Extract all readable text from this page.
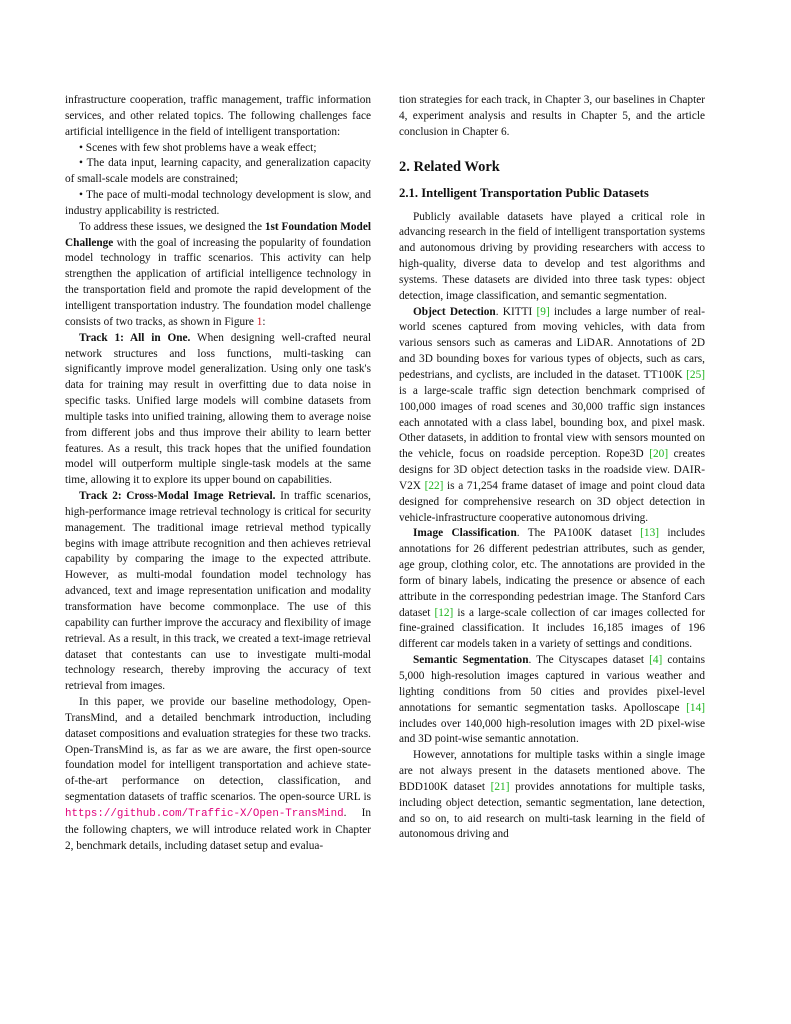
infrastructure cooperation, traffic management, traffic information services, and other related topics. The following challenges face artificial intelligence in the field of intelligent transportation:

• Scenes with few shot problems have a weak effect;

• The data input, learning capacity, and generalization capacity of small-scale models are constrained;

• The pace of multi-modal technology development is slow, and industry applicability is restricted.

To address these issues, we designed the 1st Foundation Model Challenge with the goal of increasing the popularity of foundation model technology in traffic scenarios. This activity can help strengthen the application of artificial intelligence technology in the transportation field and promote the rapid development of the intelligent transportation industry. The foundation model challenge consists of two tracks, as shown in Figure 1:

Track 1: All in One. When designing well-crafted neural network structures and loss functions, multi-tasking can significantly improve model generalization. Using only one task's data for training may result in overfitting due to data noise in specific tasks. Unified large models will combine datasets from multiple tasks into unified training, allowing them to average noise from different jobs and thus improve their ability to learn better features. As a result, this track hopes that the unified foundation model will outperform multiple single-task models at the same time, allowing it to explore its upper bound on capabilities.

Track 2: Cross-Modal Image Retrieval. In traffic scenarios, high-performance image retrieval technology is critical for security management. The traditional image retrieval method typically begins with image attribute recognition and then achieves retrieval capability by comparing the image to the expected attribute. However, as multi-modal foundation model technology has advanced, text and image representation unification and modality transformation have become commonplace. The use of this capability can further improve the accuracy and flexibility of image retrieval. As a result, in this track, we created a text-image retrieval dataset that contestants can use to investigate multi-modal technology research, thereby improving the accuracy of text retrieval from images.

In this paper, we provide our baseline methodology, Open-TransMind, and a detailed benchmark introduction, including dataset compositions and evaluation strategies for these two tracks. Open-TransMind is, as far as we are aware, the first open-source foundation model for intelligent transportation and achieve state-of-the-art performance on detection, classification, and segmentation datasets of traffic scenarios. The open-source URL is https://github.com/Traffic-X/Open-TransMind. In the following chapters, we will introduce related work in Chapter 2, benchmark details, including dataset setup and evalua-

tion strategies for each track, in Chapter 3, our baselines in Chapter 4, experiment analysis and results in Chapter 5, and the article conclusion in Chapter 6.

2. Related Work
2.1. Intelligent Transportation Public Datasets

Publicly available datasets have played a critical role in advancing research in the field of intelligent transportation systems and autonomous driving by providing researchers with access to high-quality, diverse data to develop and test algorithms and systems. These datasets are divided into three task types: object detection, image classification, and semantic segmentation.

Object Detection. KITTI [9] includes a large number of real-world scenes captured from moving vehicles, with data from various sensors such as cameras and LiDAR. Annotations of 2D and 3D bounding boxes for various types of objects, such as cars, pedestrians, and cyclists, are included in the dataset. TT100K [25] is a large-scale traffic sign detection benchmark comprised of 100,000 images of road scenes and 30,000 traffic sign instances each annotated with a class label, bounding box, and pixel mask. Other datasets, in addition to frontal view with sensors mounted on the vehicle, focus on roadside perception. Rope3D [20] creates designs for 3D object detection tasks in the roadside view. DAIR-V2X [22] is a 71,254 frame dataset of image and point cloud data designed for comprehensive research on 3D object detection in vehicle-infrastructure cooperative autonomous driving.

Image Classification. The PA100K dataset [13] includes annotations for 26 different pedestrian attributes, such as gender, age group, clothing color, etc. The annotations are provided in the form of binary labels, indicating the presence or absence of each attribute in the corresponding pedestrian image. The Stanford Cars dataset [12] is a large-scale collection of car images collected for fine-grained classification. It includes 16,185 images of 196 different car models taken in a variety of settings and conditions.

Semantic Segmentation. The Cityscapes dataset [4] contains 5,000 high-resolution images captured in various weather and lighting conditions from 50 cities and provides pixel-level annotations for semantic segmentation tasks. Apolloscape [14] includes over 140,000 high-resolution images with 2D pixel-wise and 3D point-wise semantic annotation.

However, annotations for multiple tasks within a single image are not always present in the datasets mentioned above. The BDD100K dataset [21] provides annotations for multiple tasks, including object detection, semantic segmentation, lane detection, and so on, to aid research on multi-task learning in the field of autonomous driving and
